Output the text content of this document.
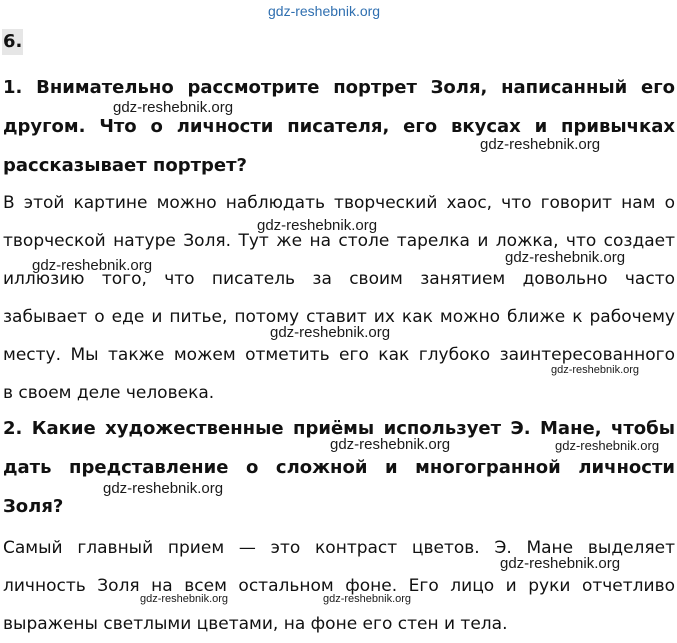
gdz-reshebnik.org
6.
1. Внимательно рассмотрите портрет Золя, написанный его
другом. Что о личности писателя, его вкусах и привычках
рассказывает портрет?
В этой картине можно наблюдать творческий хаос, что говорит нам о
творческой натуре Золя. Тут же на столе тарелка и ложка, что создает
иллюзию того, что писатель за своим занятием довольно часто
забывает о еде и питье, потому ставит их как можно ближе к рабочему
месту. Мы также можем отметить его как глубоко заинтересованного
в своем деле человека.
2. Какие художественные приёмы использует Э. Мане, чтобы
дать представление о сложной и многогранной личности
Золя?
Самый главный прием — это контраст цветов. Э. Мане выделяет
личность Золя на всем остальном фоне. Его лицо и руки отчетливо
выражены светлыми цветами, на фоне его стен и тела.
gdz-reshebnik.org
gdz-reshebnik.org
gdz-reshebnik.org
gdz-reshebnik.org	gdz-reshebnik.org
gdz-reshebnik.org
gdz-reshebnik.org
gdz-reshebnik.org	gdz-reshebnik.org
gdz-reshebnik.org
gdz-reshebnik.org
gdz-reshebnik.org	gdz-reshebnik.org
